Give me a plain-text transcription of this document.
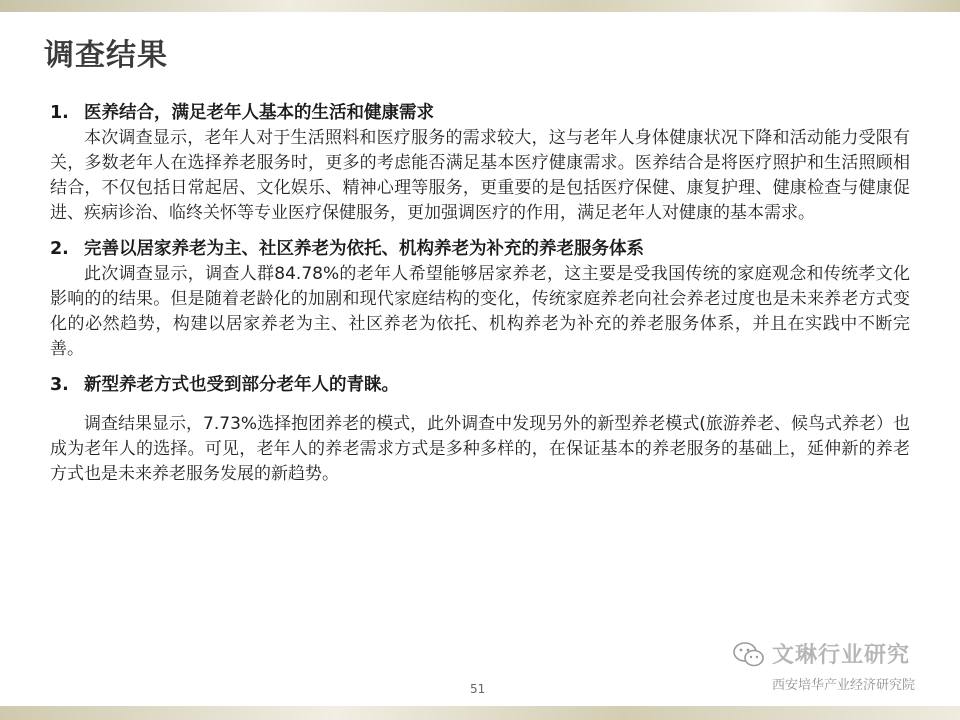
调查结果
1. 医养结合，满足老年人基本的生活和健康需求

本次调查显示，老年人对于生活照料和医疗服务的需求较大，这与老年人身体健康状况下降和活动能力受限有关，多数老年人在选择养老服务时，更多的考虑能否满足基本医疗健康需求。医养结合是将医疗照护和生活照顾相结合，不仅包括日常起居、文化娱乐、精神心理等服务，更重要的是包括医疗保健、康复护理、健康检查与健康促进、疾病诊治、临终关怀等专业医疗保健服务，更加强调医疗的作用，满足老年人对健康的基本需求。

2. 完善以居家养老为主、社区养老为依托、机构养老为补充的养老服务体系

此次调查显示，调查人群84.78%的老年人希望能够居家养老，这主要是受我国传统的家庭观念和传统孝文化影响的的结果。但是随着老龄化的加剧和现代家庭结构的变化，传统家庭养老向社会养老过度也是未来养老方式变化的必然趋势，构建以居家养老为主、社区养老为依托、机构养老为补充的养老服务体系，并且在实践中不断完善。

3. 新型养老方式也受到部分老年人的青睐。

调查结果显示，7.73%选择抱团养老的模式，此外调查中发现另外的新型养老模式(旅游养老、候鸟式养老）也成为老年人的选择。可见，老年人的养老需求方式是多种多样的，在保证基本的养老服务的基础上，延伸新的养老方式也是未来养老服务发展的新趋势。

51
文琳行业研究
西安培华产业经济研究院
